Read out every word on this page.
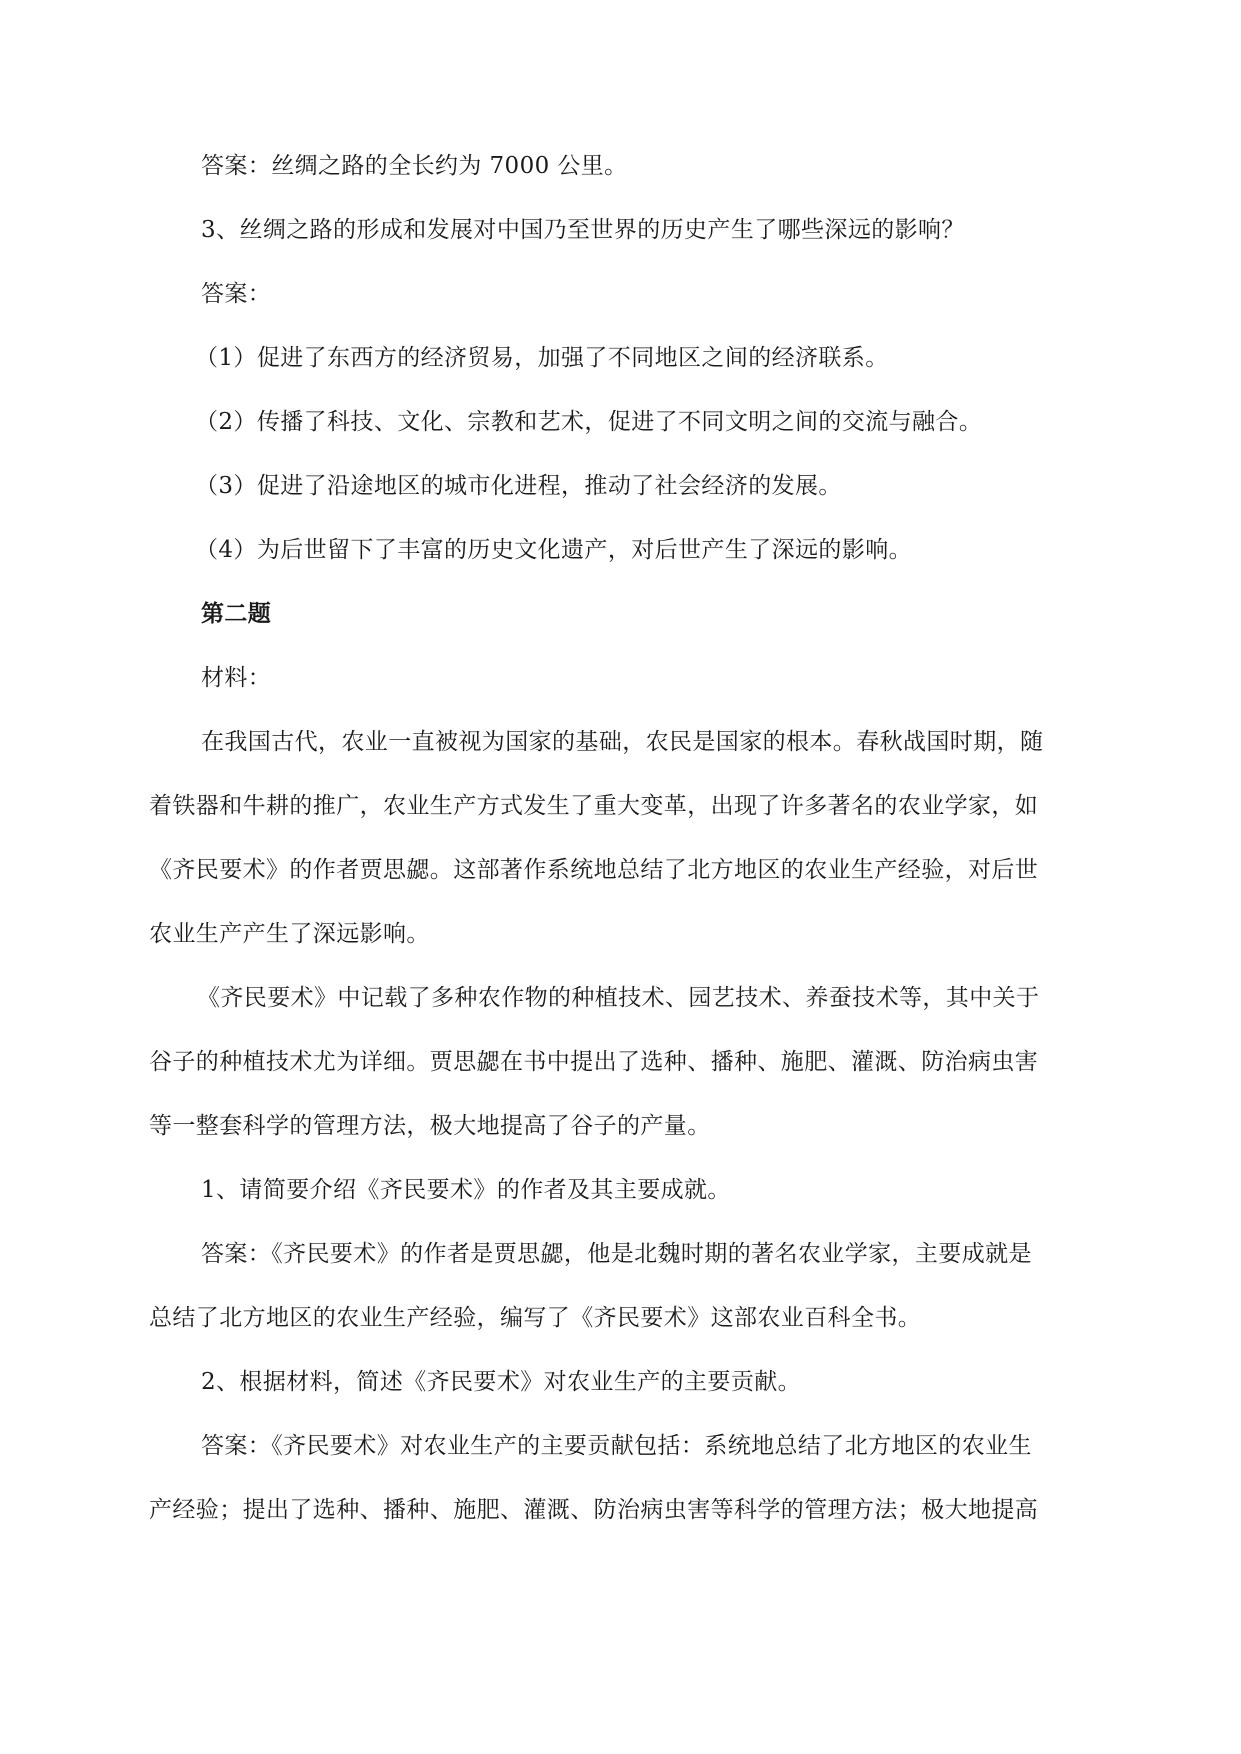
答案：丝绸之路的全长约为 7000 公里。
3、丝绸之路的形成和发展对中国乃至世界的历史产生了哪些深远的影响？
答案：
（1）促进了东西方的经济贸易，加强了不同地区之间的经济联系。
（2）传播了科技、文化、宗教和艺术，促进了不同文明之间的交流与融合。
（3）促进了沿途地区的城市化进程，推动了社会经济的发展。
（4）为后世留下了丰富的历史文化遗产，对后世产生了深远的影响。
第二题
材料：
在我国古代，农业一直被视为国家的基础，农民是国家的根本。春秋战国时期，随
着铁器和牛耕的推广，农业生产方式发生了重大变革，出现了许多著名的农业学家，如
《齐民要术》的作者贾思勰。这部著作系统地总结了北方地区的农业生产经验，对后世
农业生产产生了深远影响。
《齐民要术》中记载了多种农作物的种植技术、园艺技术、养蚕技术等，其中关于
谷子的种植技术尤为详细。贾思勰在书中提出了选种、播种、施肥、灌溉、防治病虫害
等一整套科学的管理方法，极大地提高了谷子的产量。
1、请简要介绍《齐民要术》的作者及其主要成就。
答案：《齐民要术》的作者是贾思勰，他是北魏时期的著名农业学家，主要成就是
总结了北方地区的农业生产经验，编写了《齐民要术》这部农业百科全书。
2、根据材料，简述《齐民要术》对农业生产的主要贡献。
答案：《齐民要术》对农业生产的主要贡献包括：系统地总结了北方地区的农业生
产经验；提出了选种、播种、施肥、灌溉、防治病虫害等科学的管理方法；极大地提高
